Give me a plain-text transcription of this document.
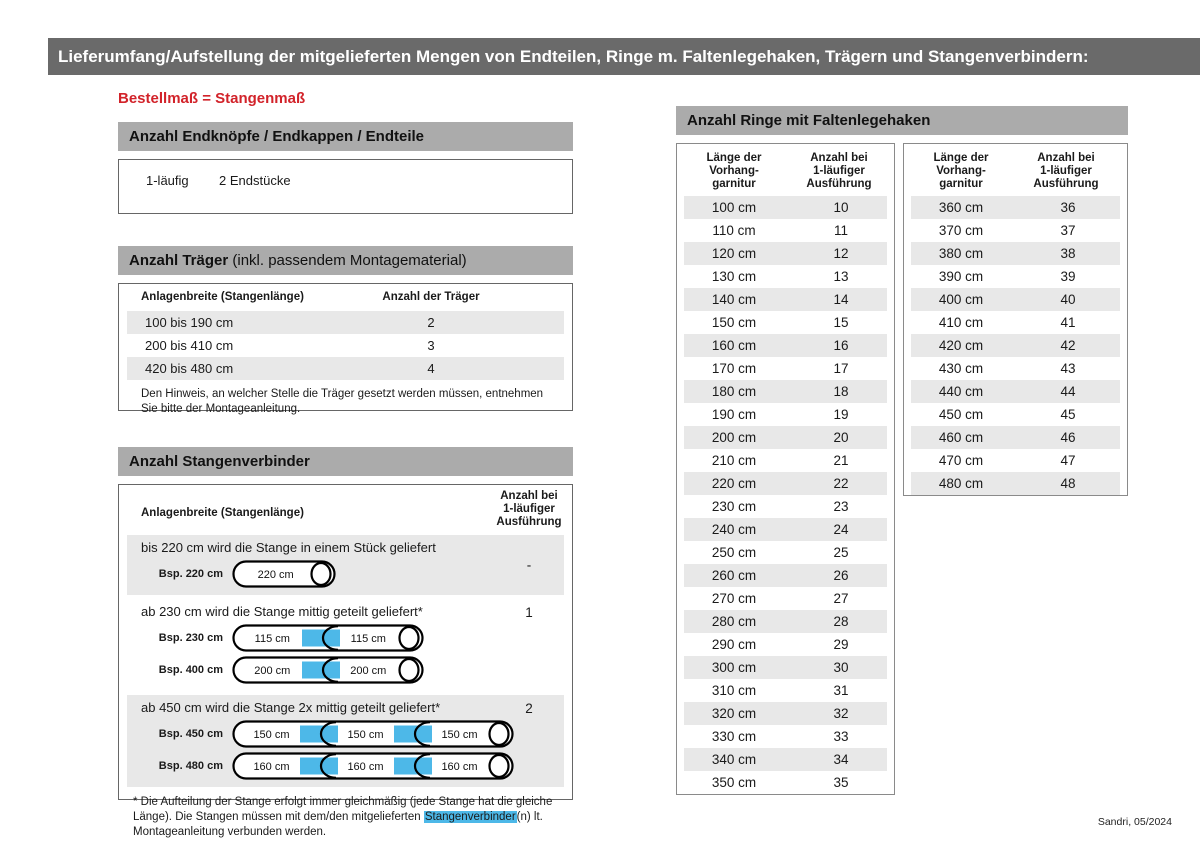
Lieferumfang/Aufstellung der mitgelieferten Mengen von Endteilen, Ringe m. Faltenlegehaken, Trägern und Stangenverbindern:
Bestellmaß = Stangenmaß
Anzahl Endknöpfe / Endkappen / Endteile
1-läufig 2 Endstücke
Anzahl Träger (inkl. passendem Montagematerial)
Anlagenbreite (Stangenlänge)	Anzahl der Träger
100 bis 190 cm	2
200 bis 410 cm	3
420 bis 480 cm	4
Den Hinweis, an welcher Stelle die Träger gesetzt werden müssen, entnehmen Sie bitte der Montageanleitung.
Anzahl Stangenverbinder
Anlagenbreite (Stangenlänge)
Anzahl bei
1-läufiger
Ausführung
bis 220 cm wird die Stange in einem Stück geliefert
-
Bsp. 220 cm	220 cm
ab 230 cm wird die Stange mittig geteilt geliefert*	1
Bsp. 230 cm	115 cm	115 cm
Bsp. 400 cm	200 cm	200 cm
ab 450 cm wird die Stange 2x mittig geteilt geliefert*	2
Bsp. 450 cm	150 cm	150 cm	150 cm
Bsp. 480 cm	160 cm	160 cm	160 cm
* Die Aufteilung der Stange erfolgt immer gleichmäßig (jede Stange hat die gleiche Länge). Die Stangen müssen mit dem/den mitgelieferten Stangenverbinder(n) lt. Montageanleitung verbunden werden.
Anzahl Ringe mit Faltenlegehaken
Länge der
Vorhang-
garnitur
Anzahl bei
1-läufiger
Ausführung
100 cm	10
110 cm	11
120 cm	12
130 cm	13
140 cm	14
150 cm	15
160 cm	16
170 cm	17
180 cm	18
190 cm	19
200 cm	20
210 cm	21
220 cm	22
230 cm	23
240 cm	24
250 cm	25
260 cm	26
270 cm	27
280 cm	28
290 cm	29
300 cm	30
310 cm	31
320 cm	32
330 cm	33
340 cm	34
350 cm	35
Länge der
Vorhang-
garnitur
Anzahl bei
1-läufiger
Ausführung
360 cm	36
370 cm	37
380 cm	38
390 cm	39
400 cm	40
410 cm	41
420 cm	42
430 cm	43
440 cm	44
450 cm	45
460 cm	46
470 cm	47
480 cm	48
Sandri, 05/2024
